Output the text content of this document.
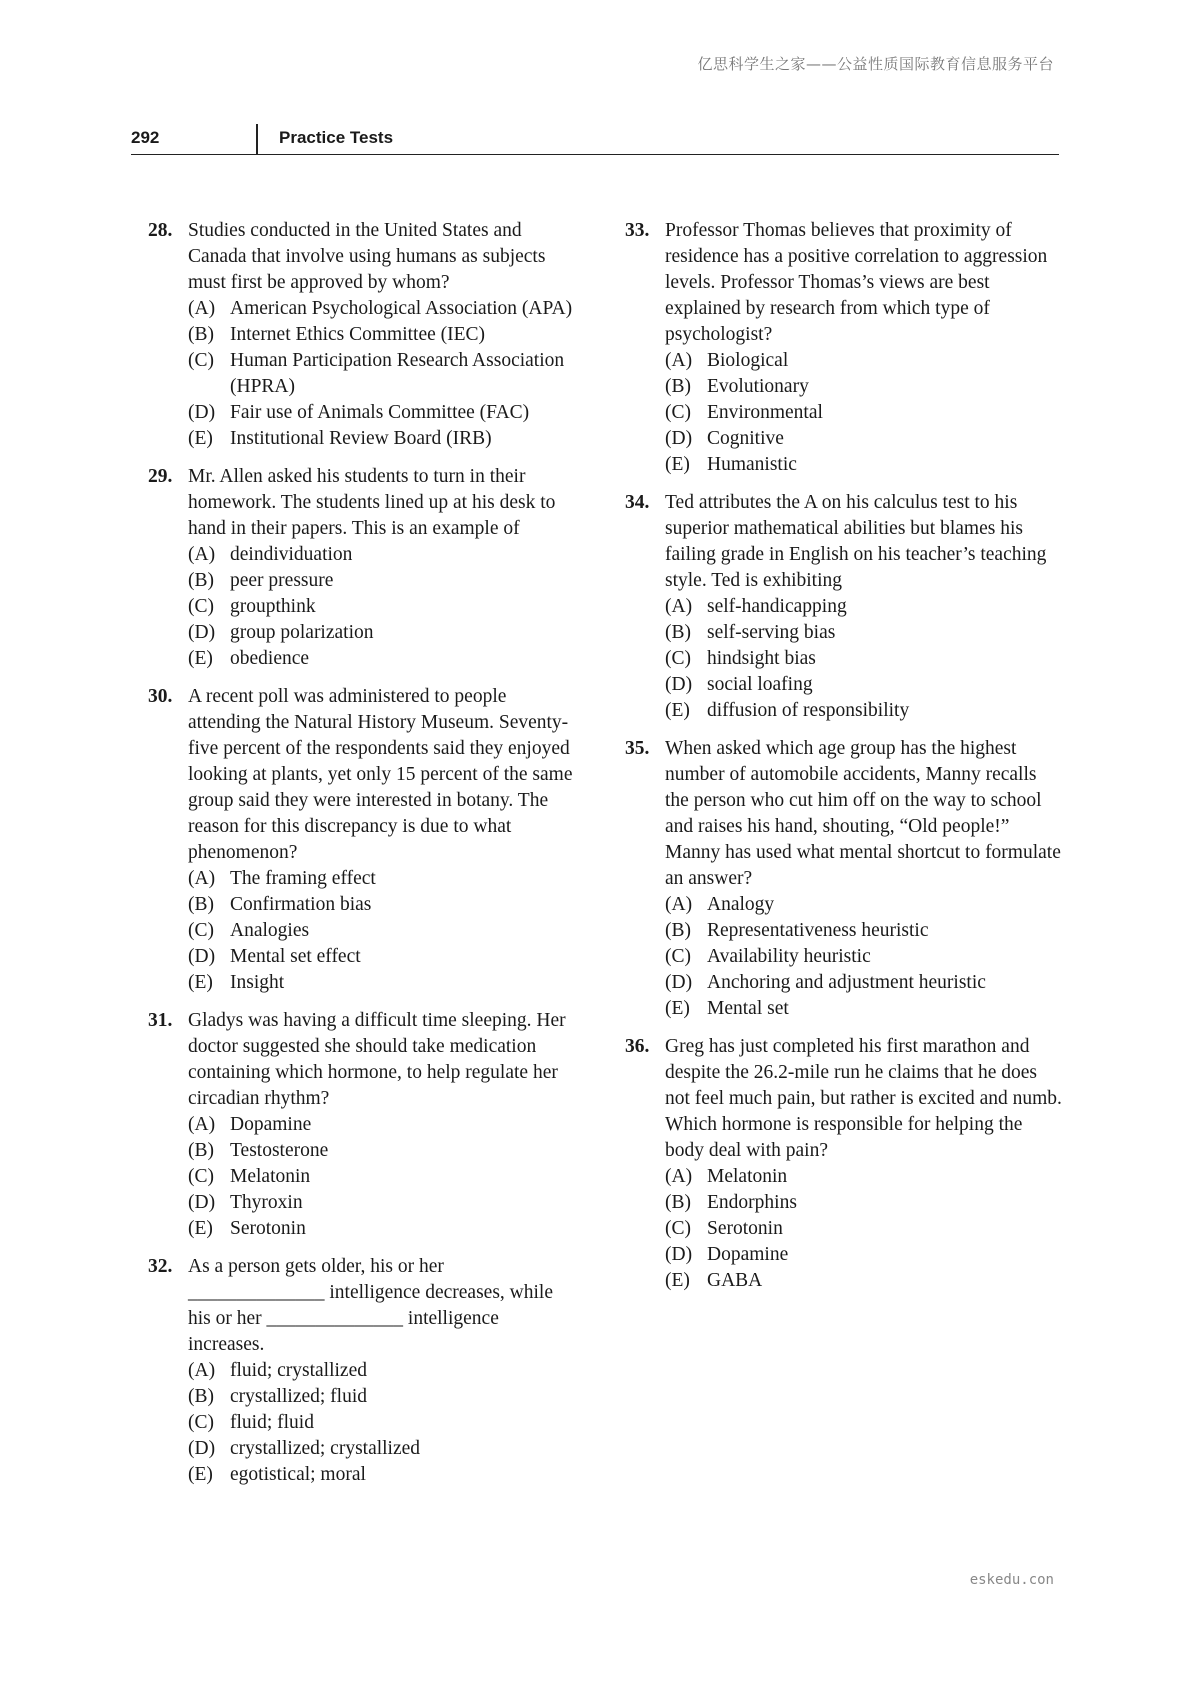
亿思科学生之家——公益性质国际教育信息服务平台
292	Practice Tests
28. Studies conducted in the United States and Canada that involve using humans as subjects must first be approved by whom?
(A) American Psychological Association (APA)
(B) Internet Ethics Committee (IEC)
(C) Human Participation Research Association (HPRA)
(D) Fair use of Animals Committee (FAC)
(E) Institutional Review Board (IRB)
29. Mr. Allen asked his students to turn in their homework. The students lined up at his desk to hand in their papers. This is an example of
(A) deindividuation
(B) peer pressure
(C) groupthink
(D) group polarization
(E) obedience
30. A recent poll was administered to people attending the Natural History Museum. Seventy-five percent of the respondents said they enjoyed looking at plants, yet only 15 percent of the same group said they were interested in botany. The reason for this discrepancy is due to what phenomenon?
(A) The framing effect
(B) Confirmation bias
(C) Analogies
(D) Mental set effect
(E) Insight
31. Gladys was having a difficult time sleeping. Her doctor suggested she should take medication containing which hormone, to help regulate her circadian rhythm?
(A) Dopamine
(B) Testosterone
(C) Melatonin
(D) Thyroxin
(E) Serotonin
32. As a person gets older, his or her ______________ intelligence decreases, while his or her ______________ intelligence increases.
(A) fluid; crystallized
(B) crystallized; fluid
(C) fluid; fluid
(D) crystallized; crystallized
(E) egotistical; moral
33. Professor Thomas believes that proximity of residence has a positive correlation to aggression levels. Professor Thomas’s views are best explained by research from which type of psychologist?
(A) Biological
(B) Evolutionary
(C) Environmental
(D) Cognitive
(E) Humanistic
34. Ted attributes the A on his calculus test to his superior mathematical abilities but blames his failing grade in English on his teacher’s teaching style. Ted is exhibiting
(A) self-handicapping
(B) self-serving bias
(C) hindsight bias
(D) social loafing
(E) diffusion of responsibility
35. When asked which age group has the highest number of automobile accidents, Manny recalls the person who cut him off on the way to school and raises his hand, shouting, “Old people!” Manny has used what mental shortcut to formulate an answer?
(A) Analogy
(B) Representativeness heuristic
(C) Availability heuristic
(D) Anchoring and adjustment heuristic
(E) Mental set
36. Greg has just completed his first marathon and despite the 26.2-mile run he claims that he does not feel much pain, but rather is excited and numb. Which hormone is responsible for helping the body deal with pain?
(A) Melatonin
(B) Endorphins
(C) Serotonin
(D) Dopamine
(E) GABA
eskedu.con
